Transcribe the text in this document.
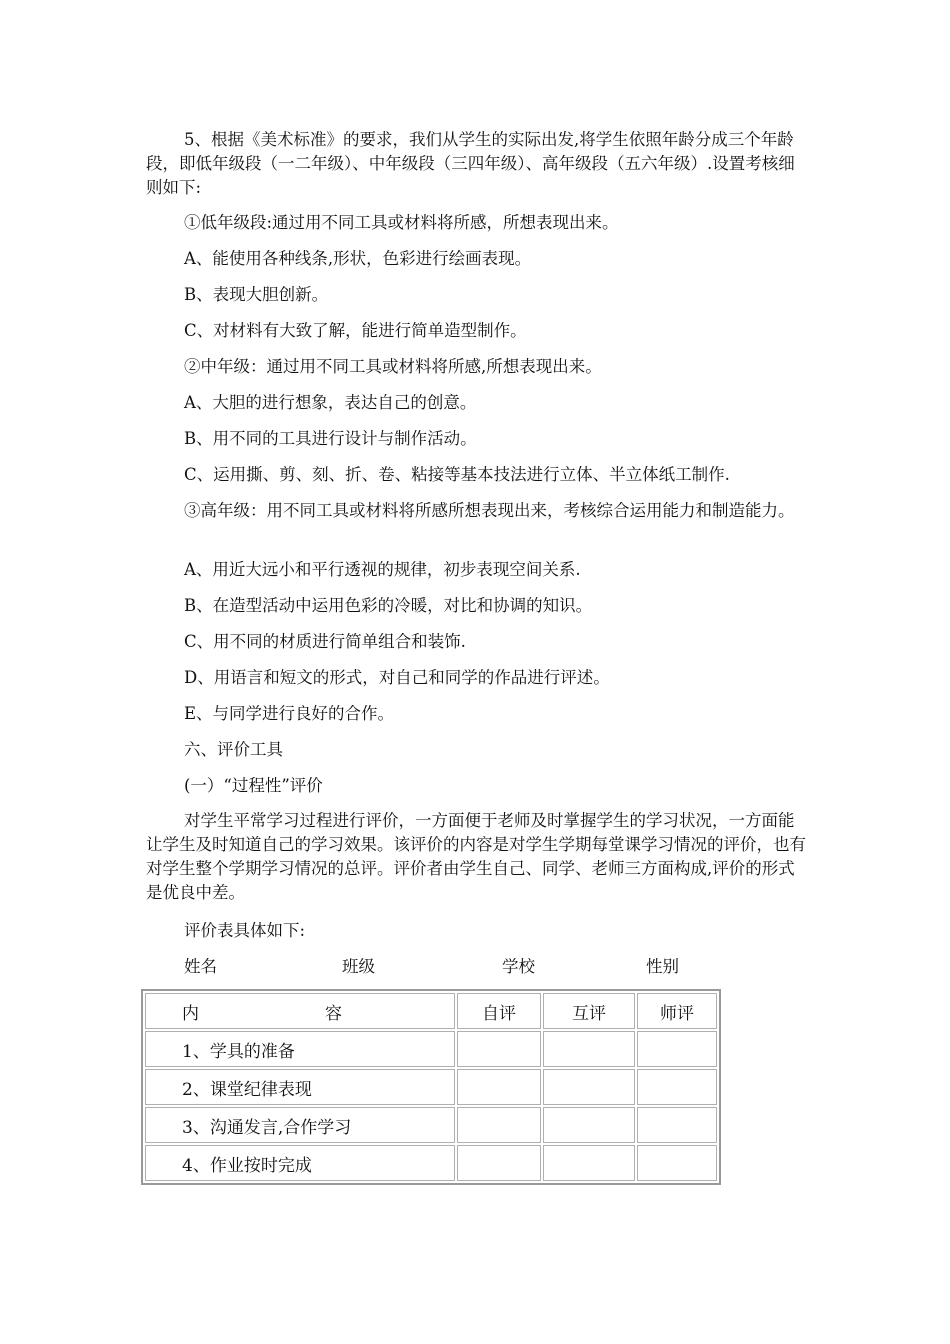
5、根据《美术标准》的要求，我们从学生的实际出发,将学生依照年龄分成三个年龄段，即低年级段（一二年级）、中年级段（三四年级）、高年级段（五六年级）.设置考核细则如下:

①低年级段:通过用不同工具或材料将所感，所想表现出来。

A、能使用各种线条,形状，色彩进行绘画表现。

B、表现大胆创新。

C、对材料有大致了解，能进行简单造型制作。

②中年级：通过用不同工具或材料将所感,所想表现出来。

A、大胆的进行想象，表达自己的创意。

B、用不同的工具进行设计与制作活动。

C、运用撕、剪、刻、折、卷、粘接等基本技法进行立体、半立体纸工制作.

③高年级：用不同工具或材料将所感所想表现出来，考核综合运用能力和制造能力。

A、用近大远小和平行透视的规律，初步表现空间关系.

B、在造型活动中运用色彩的冷暖，对比和协调的知识。

C、用不同的材质进行简单组合和装饰.

D、用语言和短文的形式，对自己和同学的作品进行评述。

E、与同学进行良好的合作。

六、评价工具

(一）“过程性”评价

对学生平常学习过程进行评价，一方面便于老师及时掌握学生的学习状况，一方面能让学生及时知道自己的学习效果。该评价的内容是对学生学期每堂课学习情况的评价，也有对学生整个学期学习情况的总评。评价者由学生自己、同学、老师三方面构成,评价的形式是优良中差。

评价表具体如下:

姓名	班级	学校	性别
内 容	自评	互评	师评
1、学具的准备			
2、课堂纪律表现			
3、沟通发言,合作学习			
4、作业按时完成			
